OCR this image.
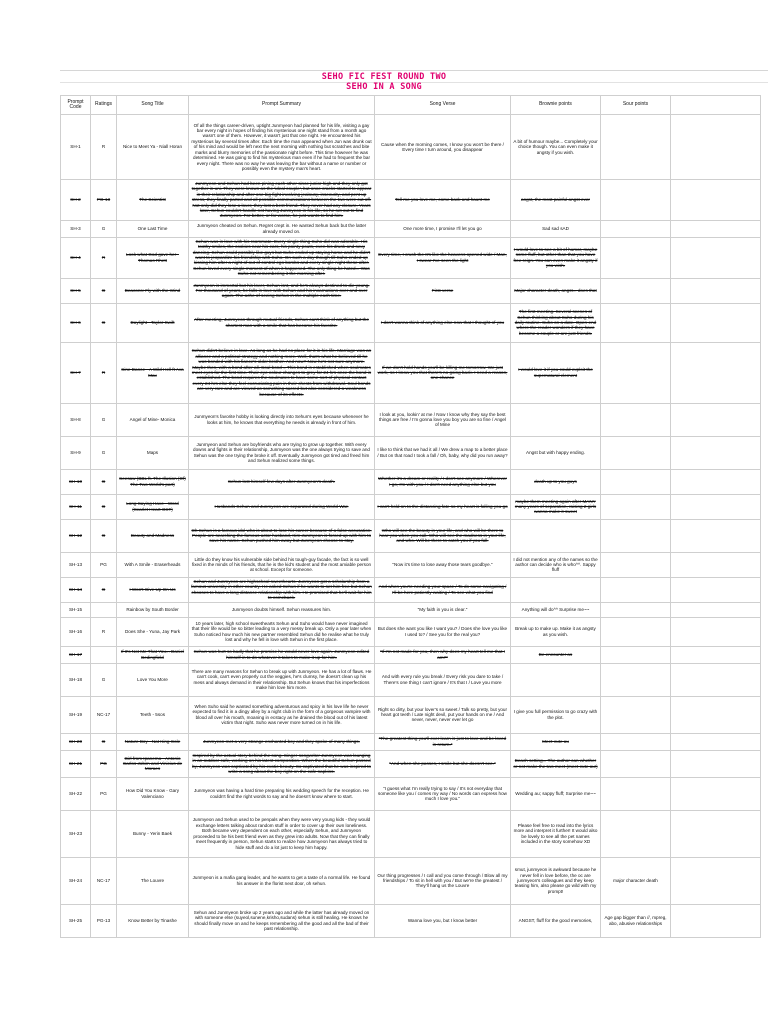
SEHO FIC FEST ROUND TWO
SEHO IN A SONG
Prompt Code	Ratings	Song Title	Prompt Summary	Song Verse	Brownie points	Sour points	
SH-1	R	Nice to Meet Ya - Niall Horan	Of all the things career-driven, uptight Junmyeon had planned for his life, visiting a gay bar every night in hopes of finding his mysterious one night stand from a month ago wasn't one of them. However, it wasn't just that one night. He encountered his mysterious lay several times after. Each time the man appeared when Jun was drunk out of his mind and would be left next the next morning with nothing but scratches and bite marks and blurry memories of the passionate night before. This time however he was determined. He was going to find his mysterious man even if he had to frequent the bar every night. There was no way he was leaving the bar without a name or number or possibly even the mystery man's heart.	Cause when the morning comes, I know you won't be there / Every time I turn around, you disappear	A bit of humour maybe... Completely your choice though. You can even make it angsty if you wish.		
SH-2	PG-13	The Scientist	Junmyeon and Sehun had been pining each other since junior high and they only got together in uni. They were known as the 'ideal couple', but once cracks started to appear in their relationship and after one big fight involving jealousy, insecurity, and pent up stress, they finally parted and all possible communications between the two were cut off. Not only did they lose a lover, they lost a best friend. They never had any closure. Years later, Sehun couldn't handle not having Junmyeon in his life, so he set out to find Junmyeon. For better, or for worse, he just wants to find him.	Tell me you love me, come back and haunt me	angst, the most painful angst ever		
SH-3	G	One Last Time	Junmyeon cheated on Sehun. Regret crept in. He wanted Sehun back but the latter already moved on.	One more time, I promise I'll let you go	Sad sad sAD		
SH-4	R	Look what God gave her - Thomas Rhett	Sehun was in love with his roommate. Every single thing Suho did was adorable. His toothy smiles, the cookies near his ears, his pointy pouts, even his drunk and sexy dancing. Sehun could possibly like guys but Suho ended up staying home and he didn't want to jeopardize his friendship with Suho. On such a day though till Suho ended up kissing him after a night of out of control ego bombs and every single night these after. Sehun loved every single moment of when it happened. The only thing he hated... Was Suho not remembering it the morning after.	Every time, I crush the It's like the heavens opened wide / Man, I swear I've seen the light	I would love to see a bit of humor, maybe some fluff, but other than that you have free reign. You can even make it angsty if you wish.		
SH-5	G	Beacons: Fly with the Wind	Junmyeon is immortal but his lover, Sehun isnt, and he's always destined to die young. For thousand of years, he falls in love with Sehun and his incarnations over and over again. The ache of seeing Sehun in the multiple each time.	First verse	Major character death, angst... does that		
SH-6	G	Daylight - Taylor Swift	After meeting, Junmyeon through mutual friends, Sehun can't think of anything but the shortest man with a smile that has become his favorite.	I don't wanna think of anything else now that I thought of you	The first meeting. Several scenes of Sehun thinking about Suho during his daily routine. Suho on a date. Open-end where the reader wonders if they have become a couple or are just friends.		
SH-7	R	Sine Dance - A Wild Hell ft Ava Max	Sehun didn't believe in love. As long as he had no place for it in his life. Marriage was an alliance and a political strategy and nothing more. Well, that's what he believed till he was bonded with his fiance's older brother. And now? Now he's not sure anymore. Maybe then, with a bond after all. Soul bond = This bond is established when soulmates meet eyes for the first time. Their eye colour changes to grey for 24 hrs once the bond is established. The bond requires the soulmates to have some sort of physical contact every 24 hrs else they feel excruciating pain in their chests from withdrawal. Soul bonds are very rare and are viewed as something sacred but also considered a weakness because of its effects.	If we don't hold hands you'll be killing me tomorrow. We just work, so I know you that there's no going back. I need a reason, one chance	I would love it if you could exploit the supernatural element		
SH-8	G	Angel of Mine- Monica	Junmyeon's favorite hobby is looking directly into Sehun's eyes because whenever he looks at him, he knows that everything he needs is already in front of him.	I look at you, lookin' at me / Now I know why they say the best things are free / I'm gonna love you boy you are so fine / Angel of Mine			
SH-9	G	Maps	Junmyeon and Sehun are boyfriends who are trying to grow up together. With every downs and fights in their relationship, Junmyeon was the one always trying to save and Sehun was the one trying the broke it off. Eventually Junmyeon got tired and freed him and Sehun realized some things.	I like to think that we had it all / We drew a map to a better place / But on that road I took a fall / Oh, baby, why did you run away?	Angst but with happy ending.		
SH-10	G	Seesaw (BBL ft. The Illusion (Of) The Two World's part)	Sehun lost himself few days after Junmyeon's death.	Whether it's a dream or reality / I don't see anymore / Wherever I go, I'm with you / I don't need anything else but you	death up to you guys		
SH-11	G	Long Saying Have - Word (Scarlet Heart OST)	Husbands Sehun and Junmyeon are separated during World War.	I can't hold on to the distancing fate so my heart is falling you go	maybe them meeting again after MANY many years of separation, raising 2 girls wanna make it sweet		
SH-12	G	Beauty and Madness	Oh Sehun is a famous idol who is about to lose his career because of a false accusation. People are searching the famous actor husband, Kim Junmyeon is forced up with him to save his name. Sehun pushed him away but Junmyeon choose to stay.	Who will see the beauty in your life, and who will be there to hear you when you call. Who will see the madness in your life, and who. Will be there to catch you if you fall.			
SH-13	PG	With A Smile - Eraserheads	Little do they know his vulnerable side behind his tough-guy facade, the fact is so well fixed in the minds of his friends, that he is the kid's student and the most amiable person at school. Except for someone.	"Now it's time to lose away those tears goodbye."	I did not mention any of the names so the author can decide who is who^^. Sappy fluff		
SH-14	G	I Won't Give Up On Us	Sehun and Junmyeon are highschool sweethearts. Junmyeon got a scholarship from a famous university in other country. He asked Sehun if he wants to set him free but Sehun chooses to have a long distance relationship with him. He promised that he'll wait for him to comeback.	And when you're needing your space / To do some navigating / I'll be here patiently waiting / To see what you find			
SH-15		Rainbow by South Border	Junmyeon doubts himself. Sehun reassures him.	"My faith in you is clear."	Anything will do^^ Surprise me~~		
SH-16	R	Does She - Yuna, Jay Park	10 years later, high school sweethearts Sehun and Suho would have never imagined that their life would be so bitter leading to a very messy break up. Only a year later when Suho noticed how much his new partner resembled Sehun did he realise what he truly lost and why he fell in love with Sehun in the first place.	But does she want you like I want you? / Does she love you like I used to? / See you for the real you?	Break up to make up. Make it as angsty as you wish.		
SH-17		If It's Not Me That You... Daniel Bedingfield	Sehun was hurt so badly that he promise he would never love again. Junmyeon edited himself in to do whatever it takes to make it up for him.	"If I'm not made for you, then why does my heart tell me that I am?"	Be encounter as		
SH-18	G	Love You More	There are many reasons for Sehun to break up with Junmyeon. He has a lot of flaws. He can't cook, can't even properly cut the veggies, he's clumsy, he doesn't clean up his mess and always demand in their relationship. But Sehun knows that his imperfections make him love him more.	And with every rule you break / Every risk you dare to take / There's one thing I can't ignore / It's that I / Love you more			
SH-19	NC-17	Teeth - 5sos	When Suho said he wanted something adventurous and spicy in his love life he never expected to find it in a dingy alley by a night club in the form of a gorgeous vampire with blood all over his mouth, moaning in ecstacy as he drained the blood out of his latest victim that night. Suho was never more turned on in his life.	Right so dirty, but your lover's so sweet / Talk so pretty, but your heart got teeth / Late night devil, put your hands on me / And never, never, never ever let go	I give you full permission to go crazy with the plot.		
SH-20	G	Nature Boy - Nat King Cole	Junmyeon met a very strange enchanted boy and they spoke of many things.	"The greatest thing you'll ever learn is just to love and be loved in return."	Meet-cute au		
SH-21	PG	Girl from Ipanema - Antonio Carlos Jobim and Vinicius de Moraes	Inspired by the actual story behind the song. Singer-songwriter Junmyeon was lounging in an outdoor cafe, working on his latest composition. When the beautiful Sehun passed by, Junmyeon was captivated by his exotic beauty. So captivated that he was inspired to write a song about the boy right on the cafe napkins.	"And when she passes, I smile but she doesn't see."	Beach setting... The author can whether or not make the two meet (meet-cute au!)		
SH-22	PG	How Did You Know - Gary Valenciano	Junmyeon was having a hard time preparing his wedding speech for the reception. He couldn't find the right words to say and he doesn't know where to start.	"I guess what I'm really trying to say / It's not everyday that someone like you / comes my way / No words can express how much I love you."	Wedding au; sappy fluff; Surprise me~~		
SH-23		Bunny - Yerin Baek	Junmyeon and Sehun used to be penpals when they were very young kids - they would exchange letters talking about random stuff in order to cover up their own loneliness. Both became very dependent on each other, especially Sehun, and Junmyeon proceeded to be his best friend even as they grew into adults. Now that they can finally meet frequently in person, Sehun starts to realize how Junmyeon has always tried to hide stuff and do a lot just to keep him happy.		Please feel free to read into the lyrics more and interpret it further! It would also be lovely to see all the pet names included in the story somehow XD		
SH-24	NC-17	The Louvre	Junmyeon is a mafia gang leader, and he wants to get a taste of a normal life. He found his answer in the florist next door, oh sehun.	Our thing progresses / I call and you come through / Blow all my friendships / To sit in hell with you / But we're the greatest / They'll hang us the Louvre	smut, junmyeon is awkward because he never fell in love before, the oc are junmyeon's colleagues and they keep teasing him, also please go wild with my prompt!	major character death	
SH-25	PG-13	Know Better by Tinashe	Sehun and Junmyeon broke up 2 years ago and while the latter has already moved on with someone else (suyeol,sunene,krisho,sudans) sehun is still healing. He knows he should finally move on and he keeps remembering all the good and all the bad of their past relationship.	Wanna love you, but I know better	ANGST, fluff for the good memories,	Age gap bigger than //, mpreg, abo, abusive relationships	
